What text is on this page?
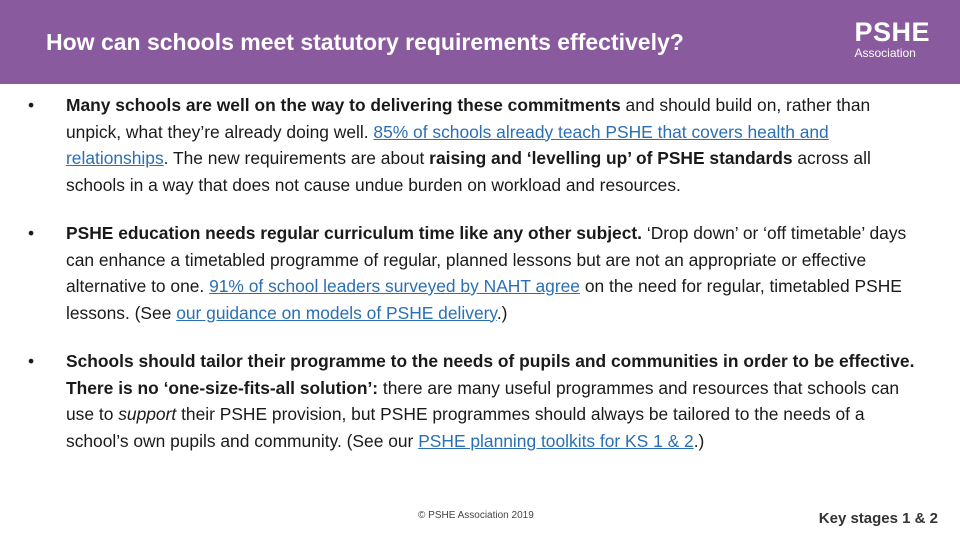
How can schools meet statutory requirements effectively?	PSHE
Association

• Many schools are well on the way to delivering these commitments and should build on, rather than unpick, what they’re already doing well. 85% of schools already teach PSHE that covers health and relationships. The new requirements are about raising and ‘levelling up’ of PSHE standards across all schools in a way that does not cause undue burden on workload and resources.

• PSHE education needs regular curriculum time like any other subject. ‘Drop down’ or ‘off timetable’ days can enhance a timetabled programme of regular, planned lessons but are not an appropriate or effective alternative to one. 91% of school leaders surveyed by NAHT agree on the need for regular, timetabled PSHE lessons. (See our guidance on models of PSHE delivery.)

• Schools should tailor their programme to the needs of pupils and communities in order to be effective. There is no ‘one-size-fits-all solution’: there are many useful programmes and resources that schools can use to support their PSHE provision, but PSHE programmes should always be tailored to the needs of a school’s own pupils and community. (See our PSHE planning toolkits for KS 1 & 2.)

© PSHE Association 2019	Key stages 1 & 2
